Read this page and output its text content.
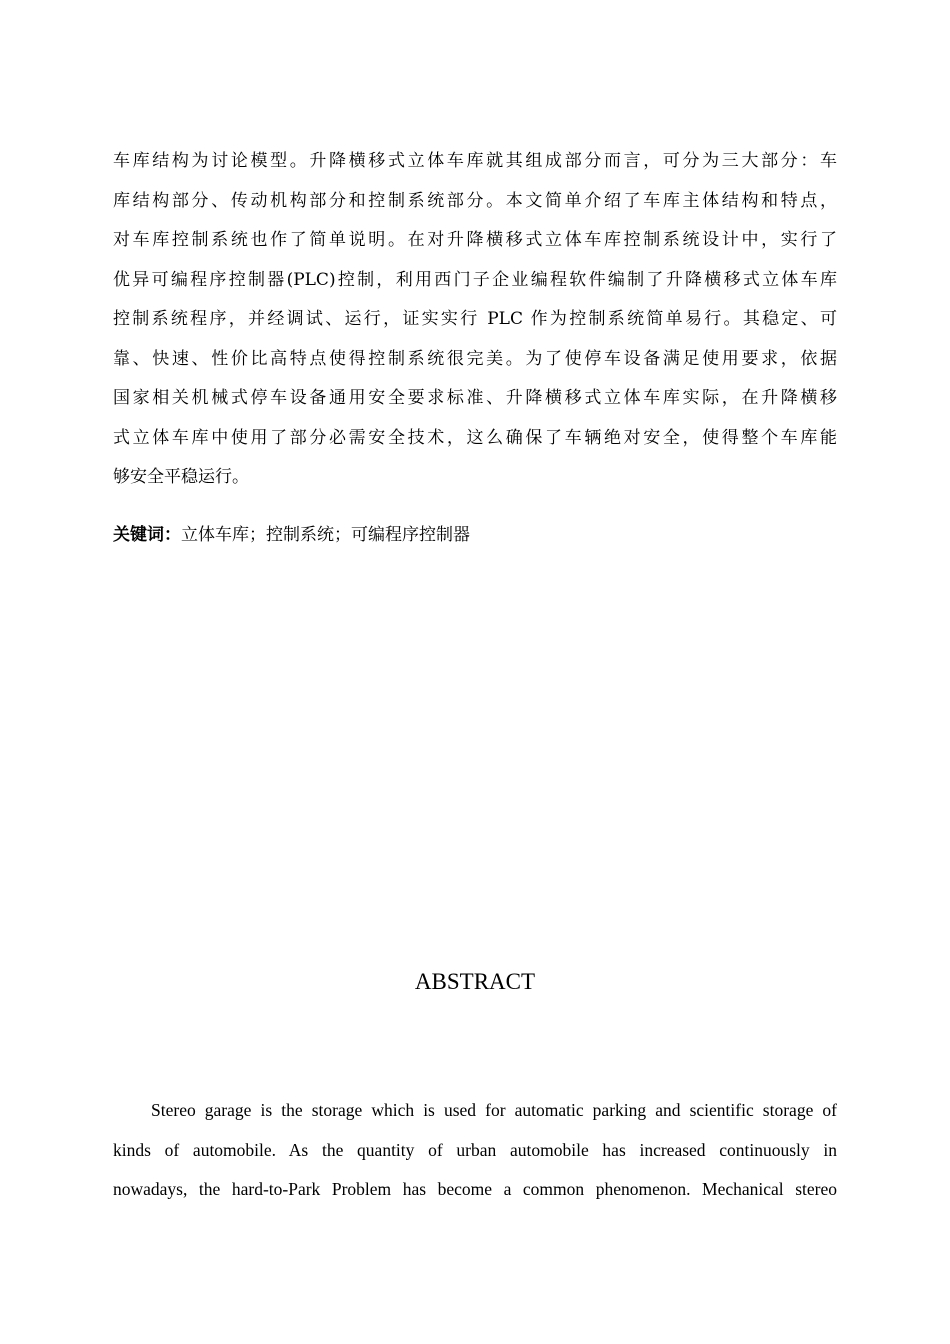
车库结构为讨论模型。升降横移式立体车库就其组成部分而言，可分为三大部分：车
库结构部分、传动机构部分和控制系统部分。本文简单介绍了车库主体结构和特点，
对车库控制系统也作了简单说明。在对升降横移式立体车库控制系统设计中，实行了
优异可编程序控制器(PLC)控制，利用西门子企业编程软件编制了升降横移式立体车库
控制系统程序，并经调试、运行，证实实行 PLC 作为控制系统简单易行。其稳定、可
靠、快速、性价比高特点使得控制系统很完美。为了使停车设备满足使用要求，依据
国家相关机械式停车设备通用安全要求标准、升降横移式立体车库实际，在升降横移
式立体车库中使用了部分必需安全技术，这么确保了车辆绝对安全，使得整个车库能
够安全平稳运行。

关键词：立体车库；控制系统；可编程序控制器

ABSTRACT
Stereo garage is the storage which is used for automatic parking and scientific storage of
kinds of automobile. As the quantity of urban automobile has increased continuously in
nowadays, the hard-to-Park Problem has become a common phenomenon. Mechanical stereo
